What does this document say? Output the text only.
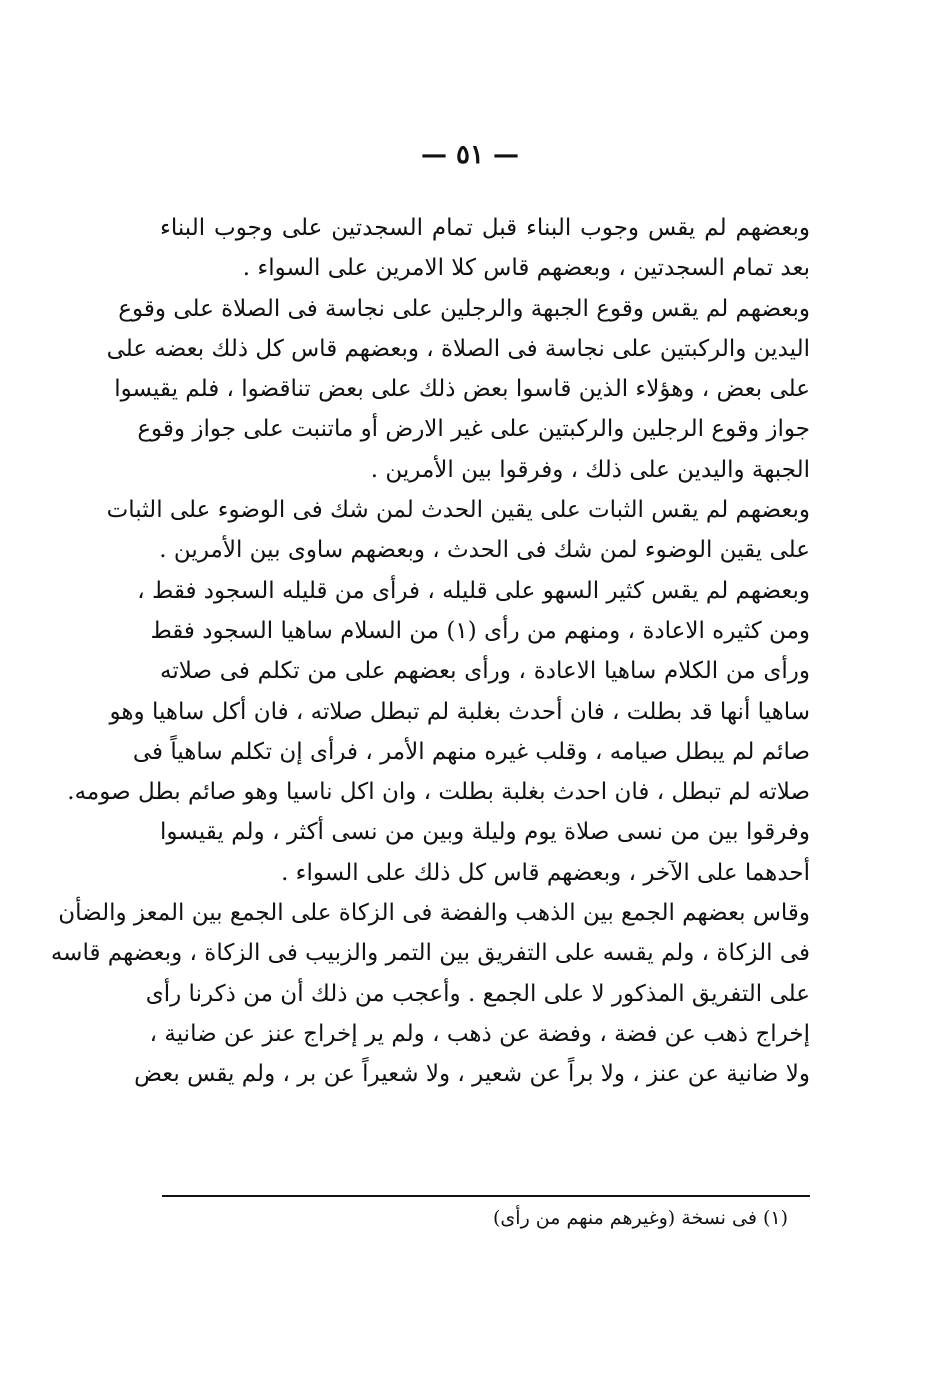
— ٥١ —

وبعضهم لم يقس وجوب البناء قبل تمام السجدتين على وجوب البناء
بعد تمام السجدتين ، وبعضهم قاس كلا الامرين على السواء .

وبعضهم لم يقس وقوع الجبهة والرجلين على نجاسة فى الصلاة على وقوع
اليدين والركبتين على نجاسة فى الصلاة ، وبعضهم قاس كل ذلك بعضه على
على بعض ، وهؤلاء الذين قاسوا بعض ذلك على بعض تناقضوا ، فلم يقيسوا
جواز وقوع الرجلين والركبتين على غير الارض أو ماتنبت على جواز وقوع
الجبهة واليدين على ذلك ، وفرقوا بين الأمرين .

وبعضهم لم يقس الثبات على يقين الحدث لمن شك فى الوضوء على الثبات
على يقين الوضوء لمن شك فى الحدث ، وبعضهم ساوى بين الأمرين .

وبعضهم لم يقس كثير السهو على قليله ، فرأى من قليله السجود فقط ،
ومن كثيره الاعادة ، ومنهم من رأى (١) من السلام ساهيا السجود فقط
ورأى من الكلام ساهيا الاعادة ، ورأى بعضهم على من تكلم فى صلاته
ساهيا أنها قد بطلت ، فان أحدث بغلبة لم تبطل صلاته ، فان أكل ساهيا وهو
صائم لم يبطل صيامه ، وقلب غيره منهم الأمر ، فرأى إن تكلم ساهياً فى
صلاته لم تبطل ، فان احدث بغلبة بطلت ، وان اكل ناسيا وهو صائم بطل صومه.

وفرقوا بين من نسى صلاة يوم وليلة وبين من نسى أكثر ، ولم يقيسوا
أحدهما على الآخر ، وبعضهم قاس كل ذلك على السواء .

وقاس بعضهم الجمع بين الذهب والفضة فى الزكاة على الجمع بين المعز والضأن
فى الزكاة ، ولم يقسه على التفريق بين التمر والزبيب فى الزكاة ، وبعضهم قاسه
على التفريق المذكور لا على الجمع . وأعجب من ذلك أن من ذكرنا رأى
إخراج ذهب عن فضة ، وفضة عن ذهب ، ولم ير إخراج عنز عن ضانية ،
ولا ضانية عن عنز ، ولا براً عن شعير ، ولا شعيراً عن بر ، ولم يقس بعض

(١) فى نسخة (وغيرهم منهم من رأى)
